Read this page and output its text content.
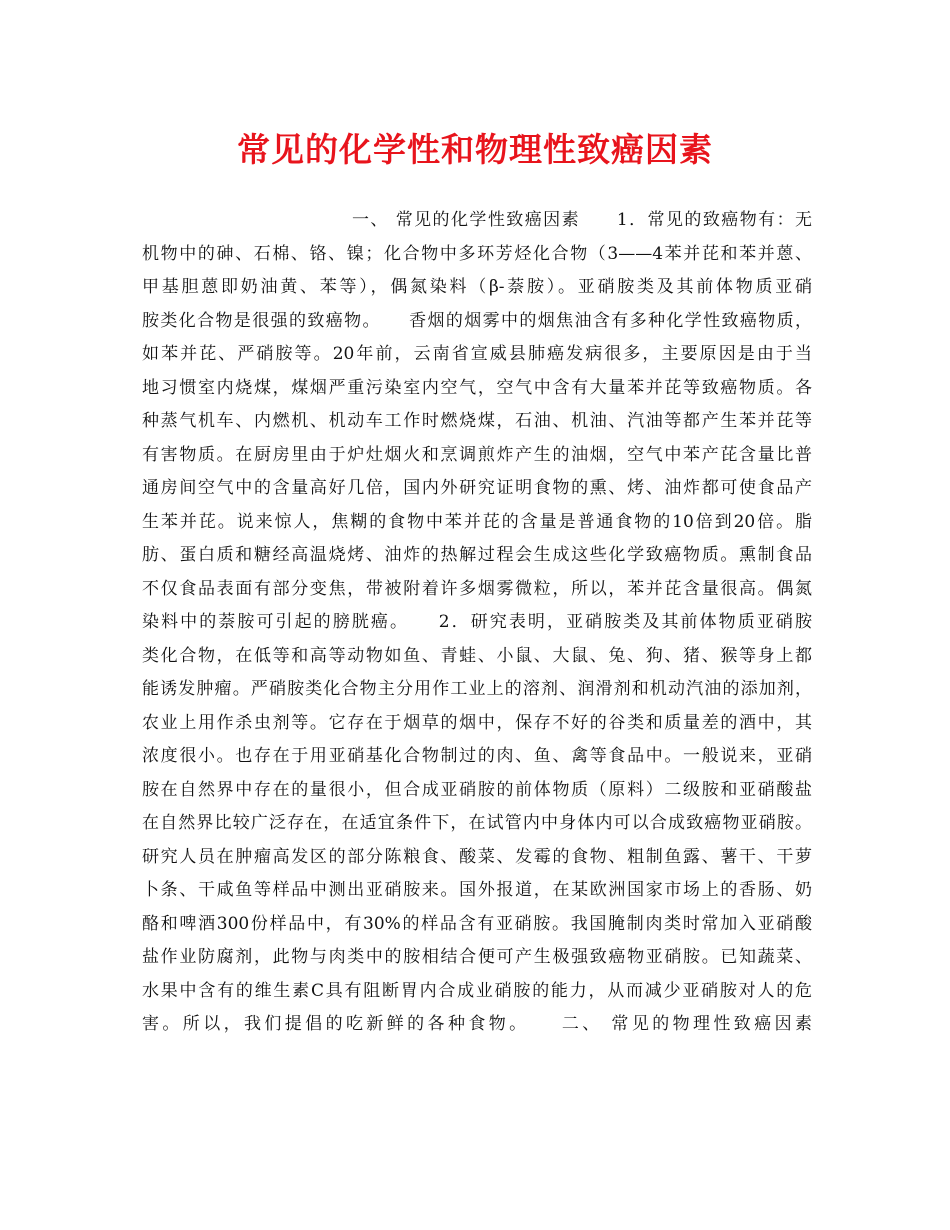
常见的化学性和物理性致癌因素
一、 常见的化学性致癌因素　　1．常见的致癌物有：无
机物中的砷、石棉、铬、镍；化合物中多环芳烃化合物（3——4苯并芘和苯并蒽、
甲基胆蒽即奶油黄、苯等），偶氮染料（β-萘胺）。亚硝胺类及其前体物质亚硝
胺类化合物是很强的致癌物。　　香烟的烟雾中的烟焦油含有多种化学性致癌物质，
如苯并芘、严硝胺等。20年前，云南省宣威县肺癌发病很多，主要原因是由于当
地习惯室内烧煤，煤烟严重污染室内空气，空气中含有大量苯并芘等致癌物质。各
种蒸气机车、内燃机、机动车工作时燃烧煤，石油、机油、汽油等都产生苯并芘等
有害物质。在厨房里由于炉灶烟火和烹调煎炸产生的油烟，空气中苯产芘含量比普
通房间空气中的含量高好几倍，国内外研究证明食物的熏、烤、油炸都可使食品产
生苯并芘。说来惊人，焦糊的食物中苯并芘的含量是普通食物的10倍到20倍。脂
肪、蛋白质和糖经高温烧烤、油炸的热解过程会生成这些化学致癌物质。熏制食品
不仅食品表面有部分变焦，带被附着许多烟雾微粒，所以，苯并芘含量很高。偶氮
染料中的萘胺可引起的膀胱癌。　　2．研究表明，亚硝胺类及其前体物质亚硝胺
类化合物，在低等和高等动物如鱼、青蛙、小鼠、大鼠、兔、狗、猪、猴等身上都
能诱发肿瘤。严硝胺类化合物主分用作工业上的溶剂、润滑剂和机动汽油的添加剂，
农业上用作杀虫剂等。它存在于烟草的烟中，保存不好的谷类和质量差的酒中，其
浓度很小。也存在于用亚硝基化合物制过的肉、鱼、禽等食品中。一般说来，亚硝
胺在自然界中存在的量很小，但合成亚硝胺的前体物质（原料）二级胺和亚硝酸盐
在自然界比较广泛存在，在适宜条件下，在试管内中身体内可以合成致癌物亚硝胺。
研究人员在肿瘤高发区的部分陈粮食、酸菜、发霉的食物、粗制鱼露、薯干、干萝
卜条、干咸鱼等样品中测出亚硝胺来。国外报道，在某欧洲国家市场上的香肠、奶
酪和啤酒300份样品中，有30%的样品含有亚硝胺。我国腌制肉类时常加入亚硝酸
盐作业防腐剂，此物与肉类中的胺相结合便可产生极强致癌物亚硝胺。已知蔬菜、
水果中含有的维生素C具有阻断胃内合成业硝胺的能力，从而减少亚硝胺对人的危
害。所以，我们提倡的吃新鲜的各种食物。　　二、 常见的物理性致癌因素
